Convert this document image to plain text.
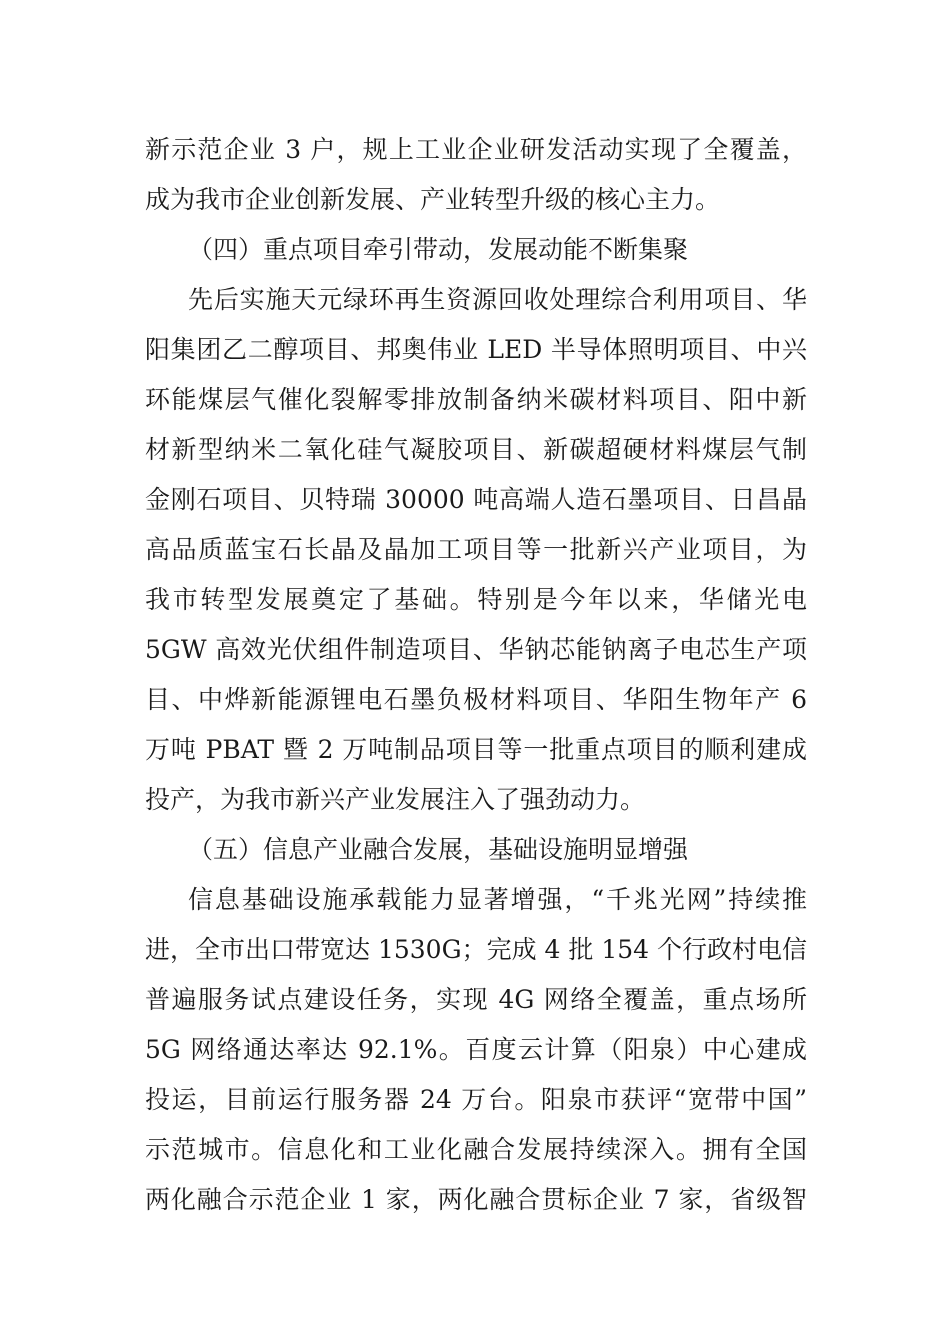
新示范企业 3 户，规上工业企业研发活动实现了全覆盖，
成为我市企业创新发展、产业转型升级的核心主力。
（四）重点项目牵引带动，发展动能不断集聚
先后实施天元绿环再生资源回收处理综合利用项目、华
阳集团乙二醇项目、邦奥伟业 LED 半导体照明项目、中兴
环能煤层气催化裂解零排放制备纳米碳材料项目、阳中新
材新型纳米二氧化硅气凝胶项目、新碳超硬材料煤层气制
金刚石项目、贝特瑞 30000 吨高端人造石墨项目、日昌晶
高品质蓝宝石长晶及晶加工项目等一批新兴产业项目，为
我市转型发展奠定了基础。特别是今年以来，华储光电
5GW 高效光伏组件制造项目、华钠芯能钠离子电芯生产项
目、中烨新能源锂电石墨负极材料项目、华阳生物年产 6
万吨 PBAT 暨 2 万吨制品项目等一批重点项目的顺利建成
投产，为我市新兴产业发展注入了强劲动力。
（五）信息产业融合发展，基础设施明显增强
信息基础设施承载能力显著增强，“千兆光网”持续推
进，全市出口带宽达 1530G；完成 4 批 154 个行政村电信
普遍服务试点建设任务，实现 4G 网络全覆盖，重点场所
5G 网络通达率达 92.1%。百度云计算（阳泉）中心建成
投运，目前运行服务器 24 万台。阳泉市获评“宽带中国”
示范城市。信息化和工业化融合发展持续深入。拥有全国
两化融合示范企业 1 家，两化融合贯标企业 7 家，省级智
